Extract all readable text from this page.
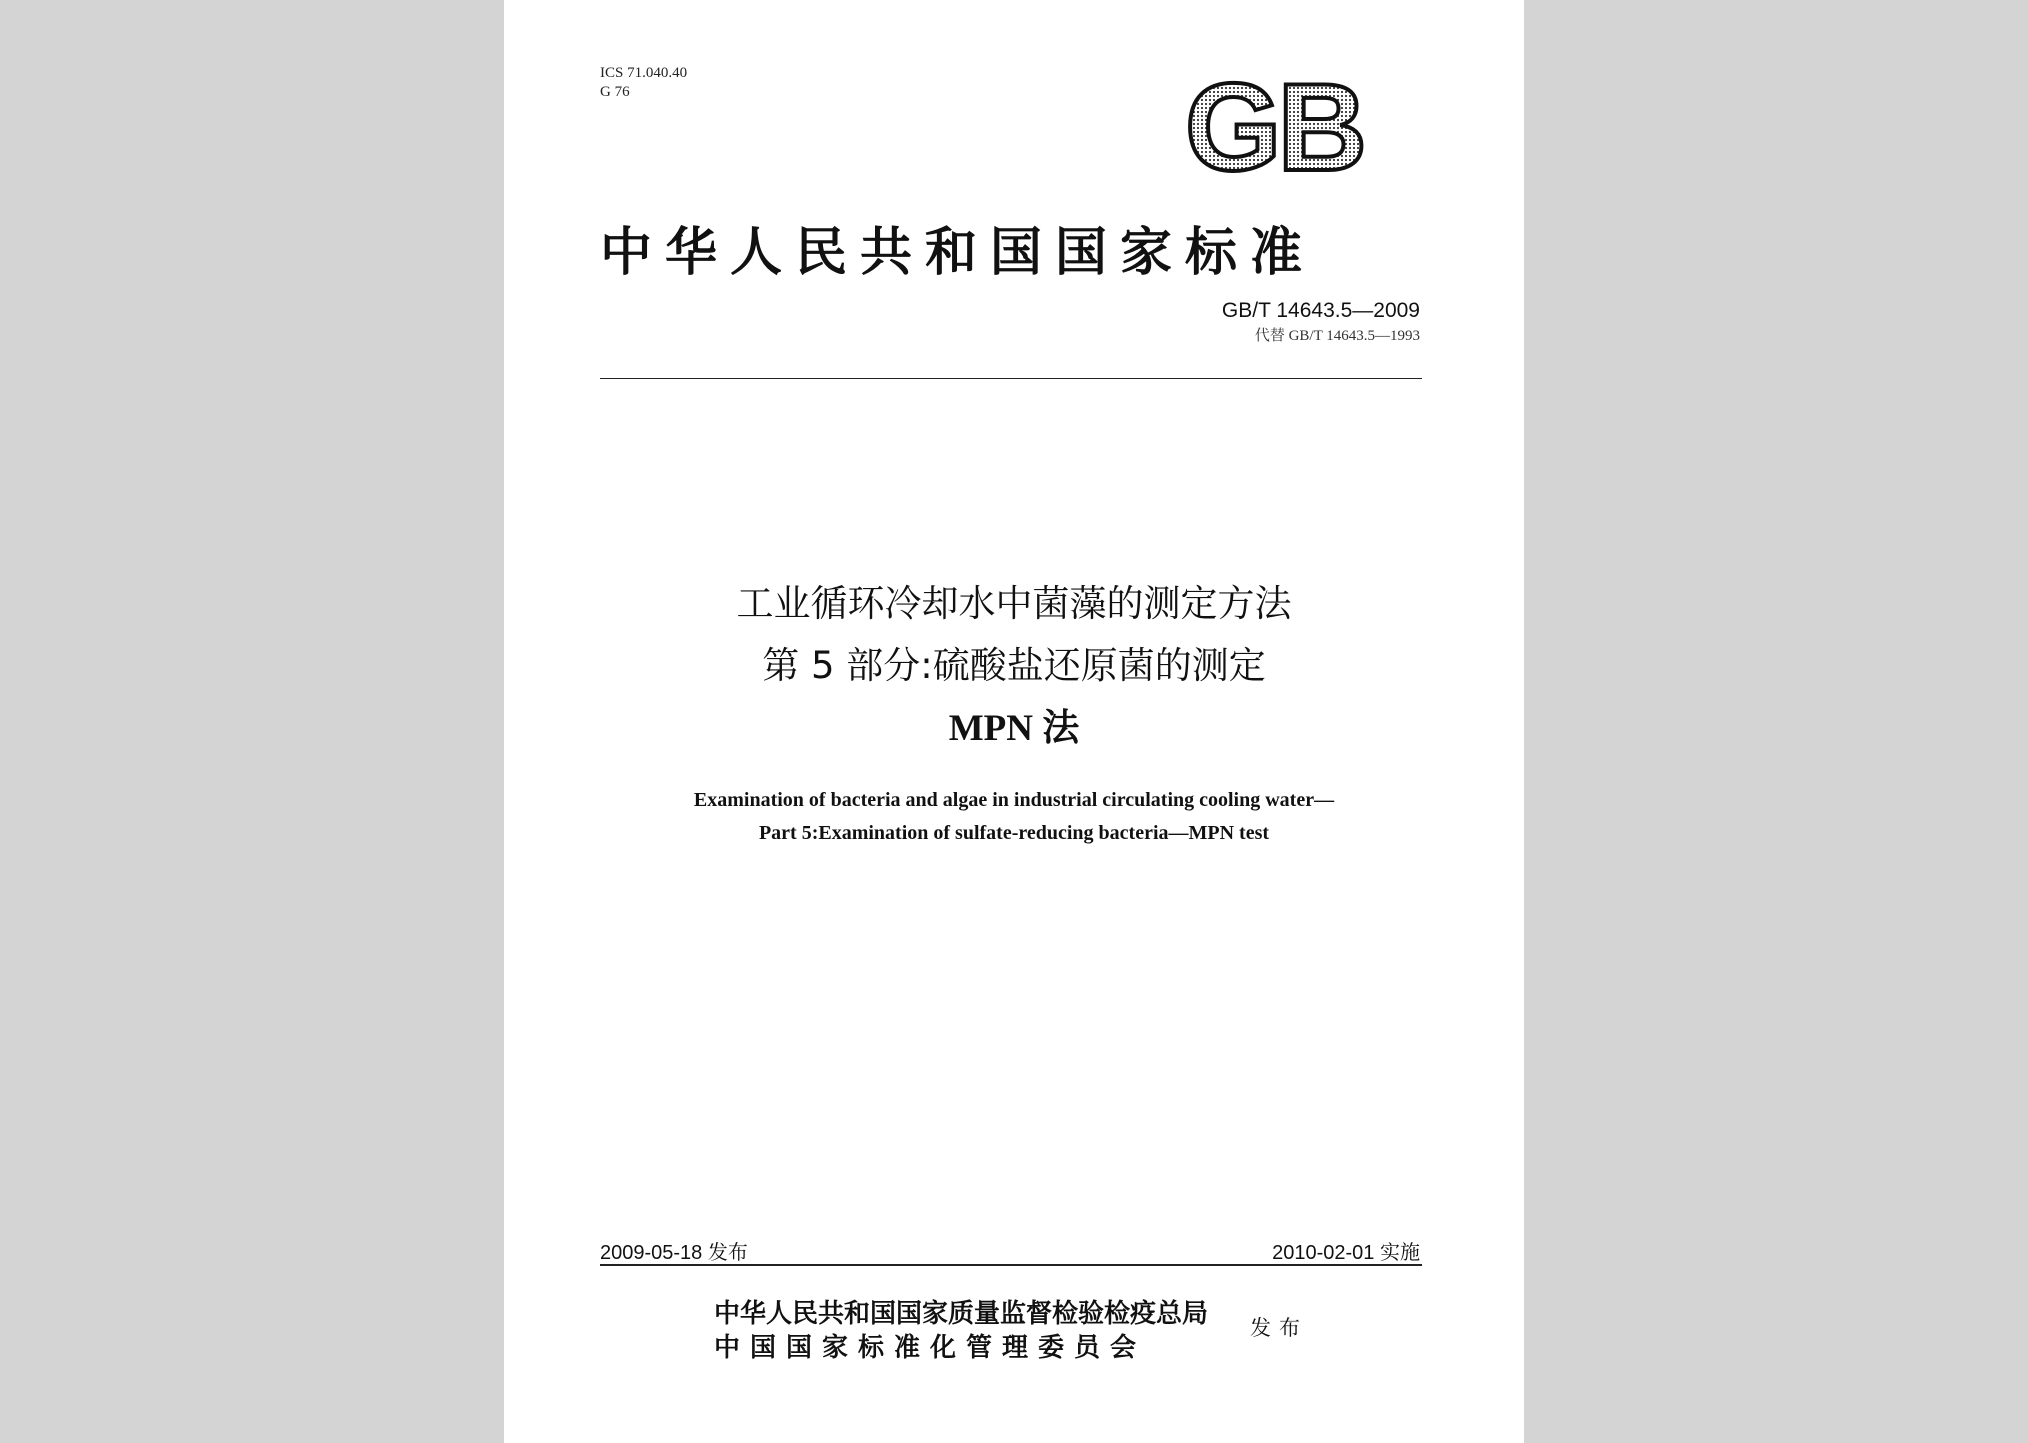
ICS 71.040.40
G 76	GB
中华人民共和国国家标准
GB/T 14643.5—2009
代替 GB/T 14643.5—1993
工业循环冷却水中菌藻的测定方法
第 5 部分:硫酸盐还原菌的测定
MPN 法
Examination of bacteria and algae in industrial circulating cooling water—
Part 5:Examination of sulfate-reducing bacteria—MPN test
2009-05-18 发布	2010-02-01 实施
中华人民共和国国家质量监督检验检疫总局
中国国家标准化管理委员会
发布
